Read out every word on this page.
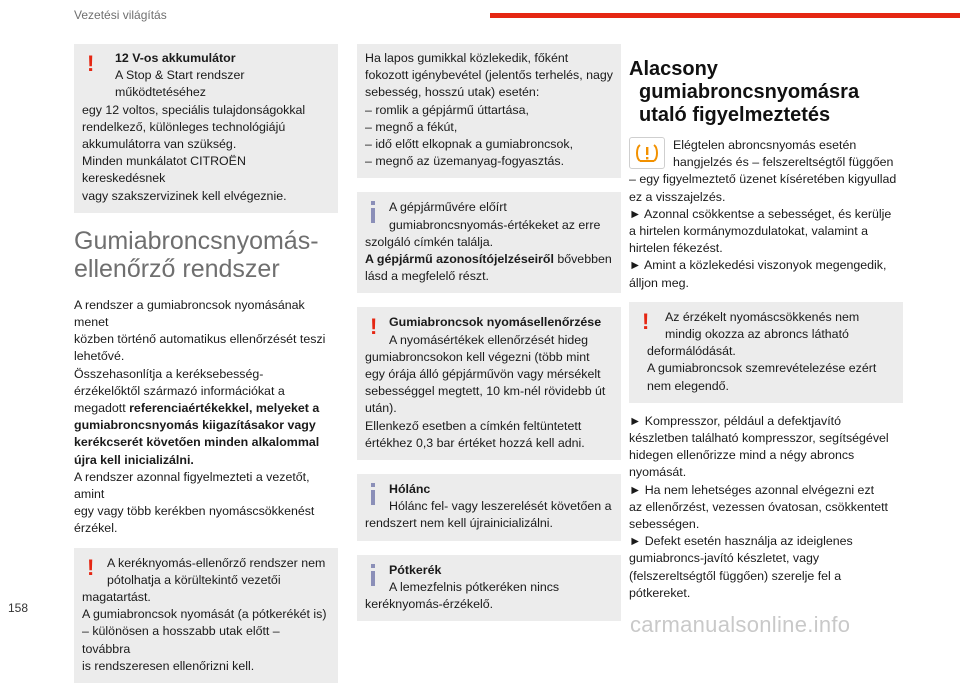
Vezetési világítás
!	12 V-os akkumulátor

A Stop & Start rendszer működtetéséhez

egy 12 voltos, speciális tulajdonságokkal

rendelkező, különleges technológiájú

akkumulátorra van szükség.

Minden munkálatot CITROËN kereskedésnek

vagy szakszervizinek kell elvégeznie.

Gumiabroncsnyomás-
ellenőrző rendszer

A rendszer a gumiabroncsok nyomásának menet

közben történő automatikus ellenőrzését teszi

lehetővé.

Összehasonlítja a keréksebesség-

érzékelőktől származó információkat a

megadott referenciaértékekkel, melyeket a

gumiabroncsnyomás kiigazításakor vagy

kerékcserét követően minden alkalommal

újra kell inicializálni.

A rendszer azonnal figyelmezteti a vezetőt, amint

egy vagy több kerékben nyomáscsökkenést

érzékel.

!	A keréknyomás-ellenőrző rendszer nem

pótolhatja a körültekintő vezetői

magatartást.

A gumiabroncsok nyomását (a pótkerékét is)

– különösen a hosszabb utak előtt – továbbra

is rendszeresen ellenőrizni kell.

Ha lapos gumikkal közlekedik, főként

fokozott igénybevétel (jelentős terhelés, nagy

sebesség, hosszú utak) esetén:

– romlik a gépjármű úttartása,

– megnő a fékút,

– idő előtt elkopnak a gumiabroncsok,

– megnő az üzemanyag-fogyasztás.

A gépjárművére előírt

gumiabroncsnyomás-értékeket az erre

szolgáló címkén találja.

A gépjármű azonosítójelzéseiről bővebben

lásd a megfelelő részt.

! Gumiabroncsok nyomásellenőrzése

A nyomásértékek ellenőrzését hideg

gumiabroncsokon kell végezni (több mint

egy órája álló gépjárművön vagy mérsékelt

sebességgel megtett, 10 km-nél rövidebb út

után).

Ellenkező esetben a címkén feltüntetett

értékhez 0,3 bar értéket hozzá kell adni.

Hólánc

Hólánc fel- vagy leszerelését követően a

rendszert nem kell újrainicializálni.

Pótkerék

A lemezfelnis pótkeréken nincs

keréknyomás-érzékelő.

Alacsony
gumiabroncsnyomásra
utaló figyelmeztetés

Elégtelen abroncsnyomás esetén

hangjelzés és – felszereltségtől függően

– egy figyelmeztető üzenet kíséretében kigyullad

ez a visszajelzés.

► Azonnal csökkentse a sebességet, és kerülje

a hirtelen kormánymozdulatokat, valamint a

hirtelen fékezést.

► Amint a közlekedési viszonyok megengedik,

álljon meg.

!	Az érzékelt nyomáscsökkenés nem

mindig okozza az abroncs látható

deformálódását.

A gumiabroncsok szemrevételezése ezért

nem elegendő.

► Kompresszor, például a defektjavító

készletben található kompresszor, segítségével

hidegen ellenőrizze mind a négy abroncs

nyomását.

► Ha nem lehetséges azonnal elvégezni ezt

az ellenőrzést, vezessen óvatosan, csökkentett

sebességen.

► Defekt esetén használja az ideiglenes

gumiabroncs-javító készletet, vagy

(felszereltségtől függően) szerelje fel a

pótkereket.

158
carmanualsonline.info
